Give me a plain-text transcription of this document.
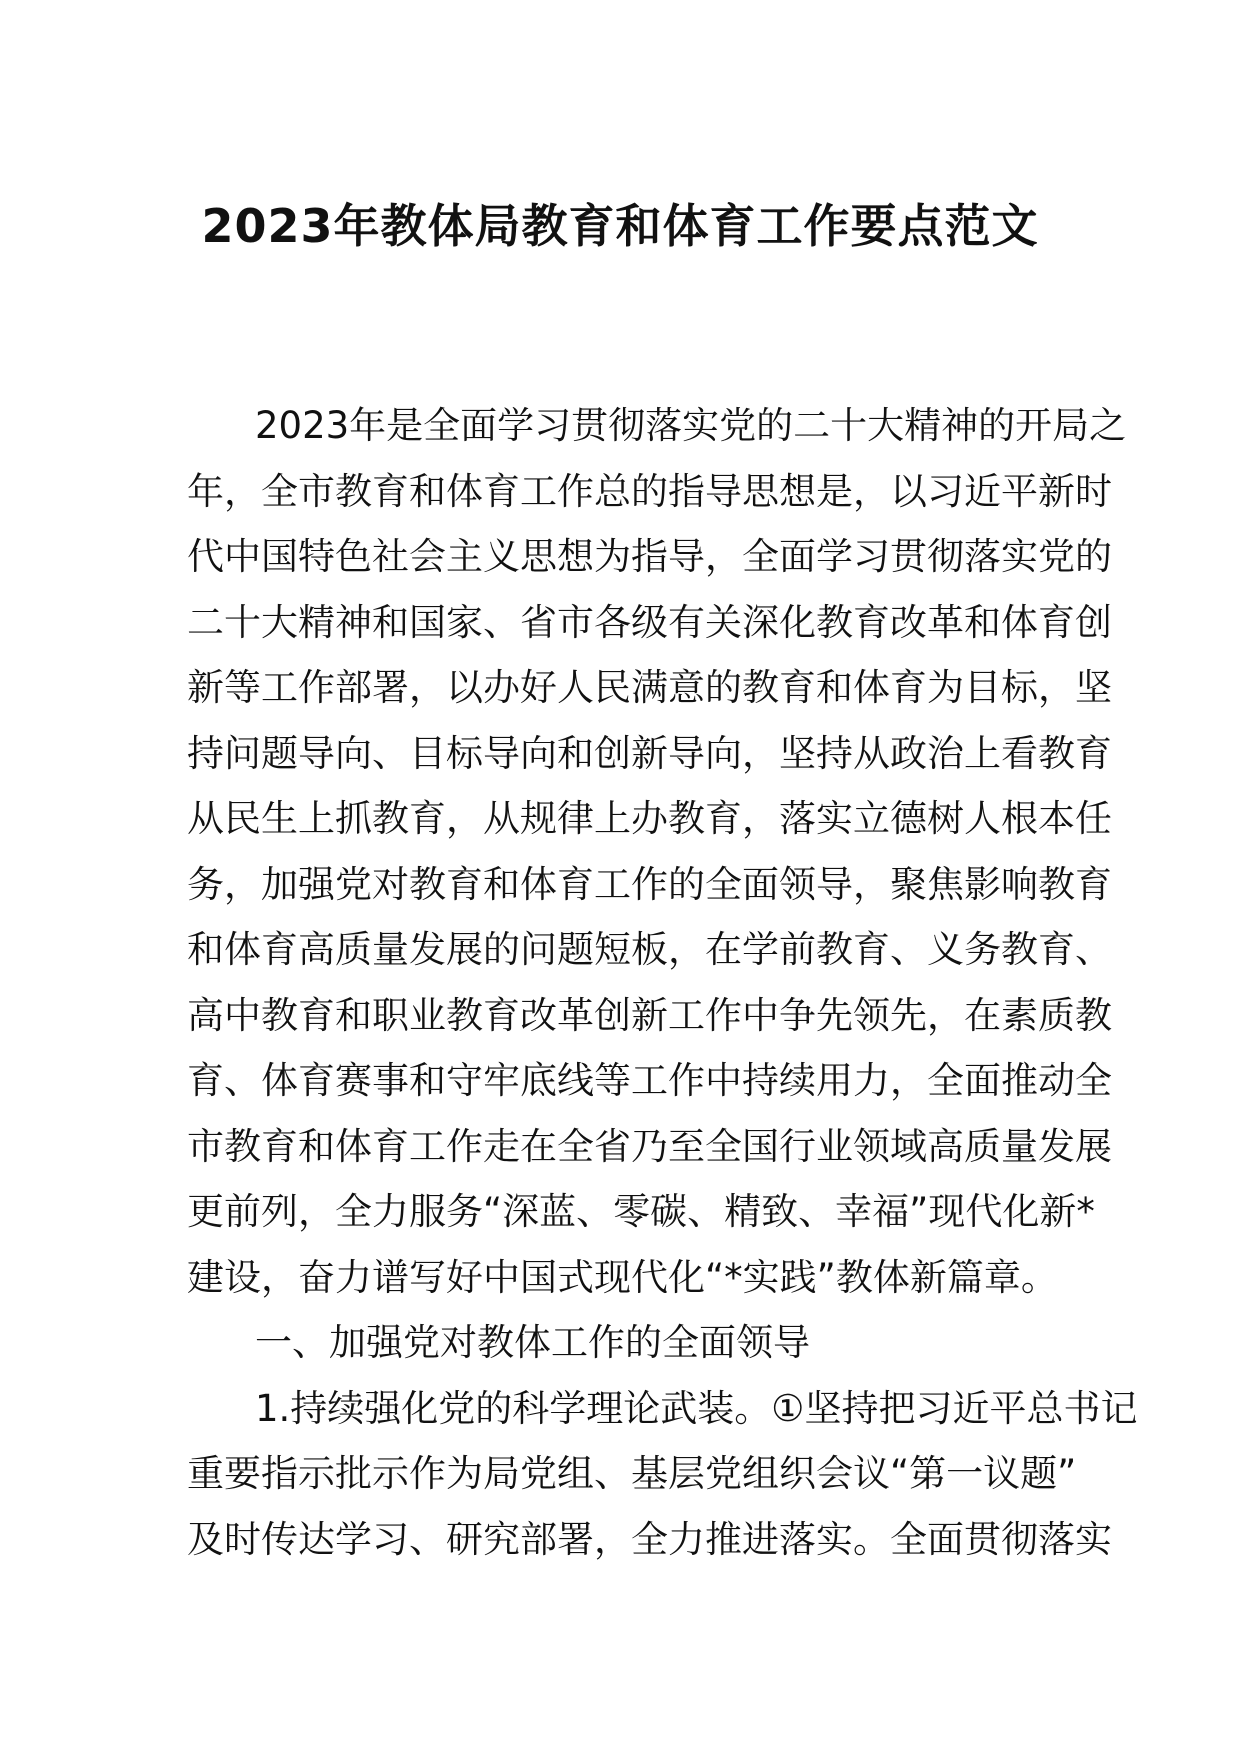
2023年教体局教育和体育工作要点范文
2023年是全面学习贯彻落实党的二十大精神的开局之
年，全市教育和体育工作总的指导思想是，以习近平新时
代中国特色社会主义思想为指导，全面学习贯彻落实党的
二十大精神和国家、省市各级有关深化教育改革和体育创
新等工作部署，以办好人民满意的教育和体育为目标，坚
持问题导向、目标导向和创新导向，坚持从政治上看教育
从民生上抓教育，从规律上办教育，落实立德树人根本任
务，加强党对教育和体育工作的全面领导，聚焦影响教育
和体育高质量发展的问题短板，在学前教育、义务教育、
高中教育和职业教育改革创新工作中争先领先，在素质教
育、体育赛事和守牢底线等工作中持续用力，全面推动全
市教育和体育工作走在全省乃至全国行业领域高质量发展
更前列，全力服务“深蓝、零碳、精致、幸福”现代化新*
建设，奋力谱写好中国式现代化“*实践”教体新篇章。
一、加强党对教体工作的全面领导
1.持续强化党的科学理论武装。①坚持把习近平总书记
重要指示批示作为局党组、基层党组织会议“第一议题”
及时传达学习、研究部署，全力推进落实。全面贯彻落实
